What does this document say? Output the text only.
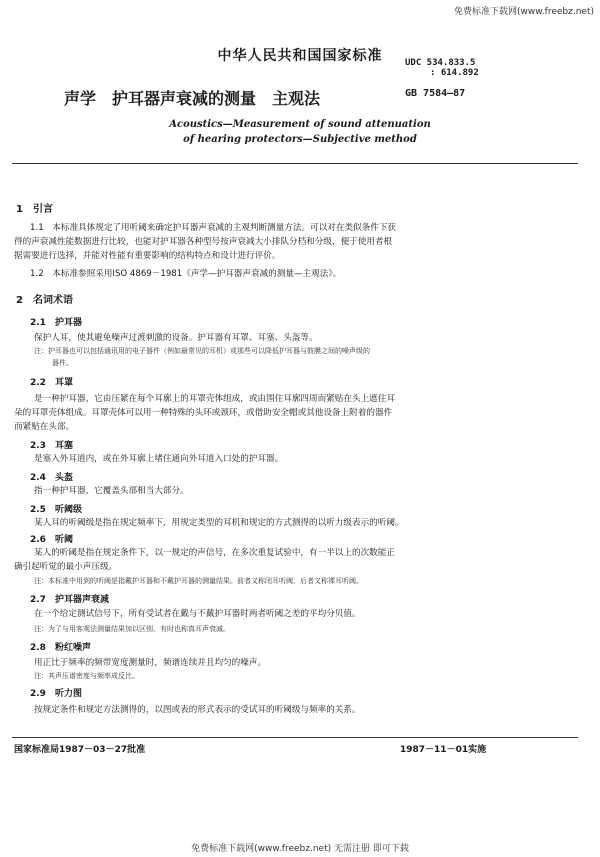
免费标准下载网(www.freebz.net)
中华人民共和国国家标准	UDC 534.833.5
: 614.892
GB 7584—87
声学　护耳器声衰减的测量　主观法
Acoustics—Measurement of sound attenuation
of hearing protectors—Subjective method
1　引言
1.1　本标准具体规定了用听阈来确定护耳器声衰减的主观判断测量方法。可以对在类似条件下获
得的声衰减性能数据进行比较，也能对护耳器各种型号按声衰减大小排队分档和分级，便于使用者根
据需要进行选择，并能对性能有重要影响的结构特点和设计进行评价。
1.2　本标准参照采用ISO 4869－1981《声学—护耳器声衰减的测量—主观法》。
2　名词术语
2.1　护耳器
保护人耳，使其避免噪声过渡刺激的设备。护耳器有耳罩、耳塞、头盔等。
注：护耳器也可以包括通讯用的电子器件（例如最常见的耳机）或那些可以降低护耳器与鼓膜之间的噪声级的
器件。
2.2　耳罩
是一种护耳器，它由压紧在每个耳廓上的耳罩壳体组成，或由围住耳廓四周而紧贴在头上遮住耳
朵的耳罩壳体组成。耳罩壳体可以用一种特殊的头环或颈环，或借助安全帽或其他设备上附着的器件
而紧贴在头部。
2.3　耳塞
是塞入外耳道内，或在外耳廓上堵住通向外耳道入口处的护耳器。
2.4　头盔
指一种护耳器，它覆盖头部相当大部分。
2.5　听阈级
某人耳的听阈级是指在规定频率下，用规定类型的耳机和规定的方式测得的以听力级表示的听阈。
2.6　听阈
某人的听阈是指在规定条件下，以一规定的声信号，在多次重复试验中，有一半以上的次数能正
确引起听觉的最小声压级。
注：本标准中用到的听阈是指戴护耳器和不戴护耳器的测量结果。前者又称闭耳听阈，后者又称裸耳听阈。
2.7　护耳器声衰减
在一个给定测试信号下，所有受试者在戴与不戴护耳器时两者听阈之差的平均分贝值。
注：为了与用客观法测量结果加以区别，有时也称真耳声衰减。
2.8　粉红噪声
用正比于频率的频带宽度测量时，频谱连续并且均匀的噪声。
注：其声压谱密度与频率成反比。
2.9　听力图
按规定条件和规定方法测得的，以图或表的形式表示的受试耳的听阈级与频率的关系。
国家标准局1987－03－27批准	1987－11－01实施
免费标准下载网(www.freebz.net) 无需注册 即可下载
